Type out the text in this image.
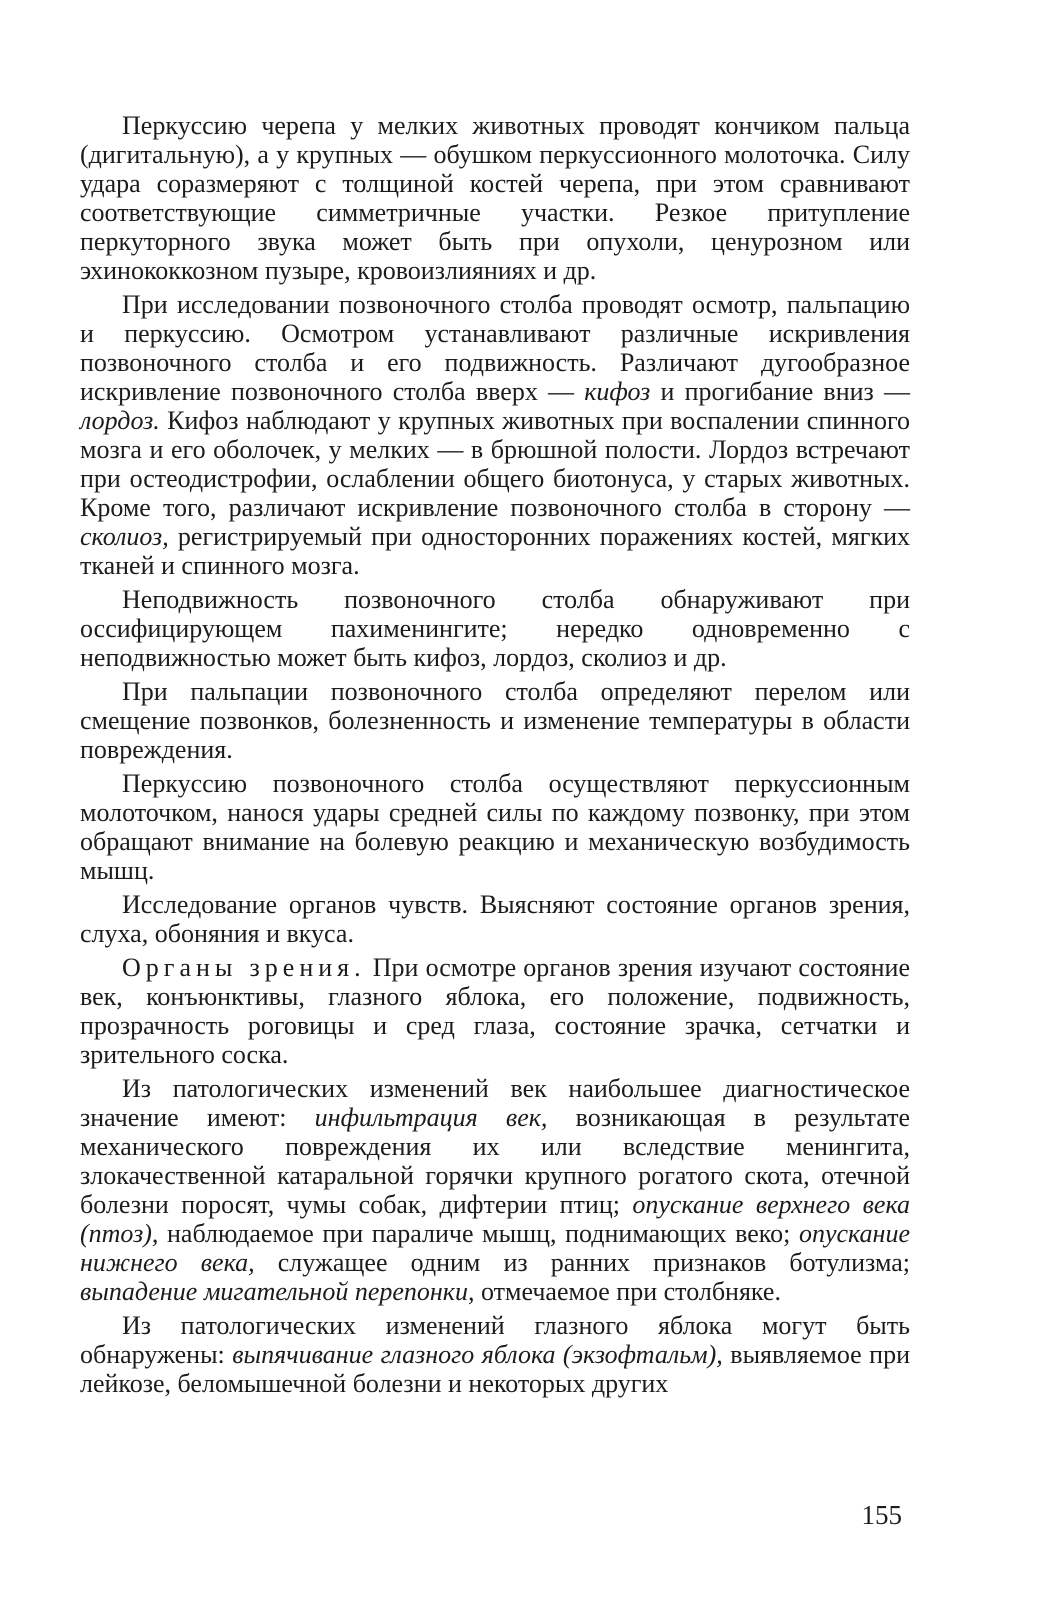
Перкуссию черепа у мелких животных проводят кончиком пальца (дигитальную), а у крупных — обушком перкуссионного молоточка. Силу удара соразмеряют с толщиной костей черепа, при этом сравнивают соответствующие симметричные участки. Резкое притупление перкуторного звука может быть при опухоли, ценурозном или эхинококкозном пузыре, кровоизлияниях и др.

При исследовании позвоночного столба проводят осмотр, пальпацию и перкуссию. Осмотром устанавливают различные искривления позвоночного столба и его подвижность. Различают дугообразное искривление позвоночного столба вверх — кифоз и прогибание вниз — лордоз. Кифоз наблюдают у крупных животных при воспалении спинного мозга и его оболочек, у мелких — в брюшной полости. Лордоз встречают при остеодистрофии, ослаблении общего биотонуса, у старых животных. Кроме того, различают искривление позвоночного столба в сторону — сколиоз, регистрируемый при односторонних поражениях костей, мягких тканей и спинного мозга.

Неподвижность позвоночного столба обнаруживают при оссифицирующем пахименингите; нередко одновременно с неподвижностью может быть кифоз, лордоз, сколиоз и др.

При пальпации позвоночного столба определяют перелом или смещение позвонков, болезненность и изменение температуры в области повреждения.

Перкуссию позвоночного столба осуществляют перкуссионным молоточком, нанося удары средней силы по каждому позвонку, при этом обращают внимание на болевую реакцию и механическую возбудимость мышц.

Исследование органов чувств. Выясняют состояние органов зрения, слуха, обоняния и вкуса.

Органы зрения. При осмотре органов зрения изучают состояние век, конъюнктивы, глазного яблока, его положение, подвижность, прозрачность роговицы и сред глаза, состояние зрачка, сетчатки и зрительного соска.

Из патологических изменений век наибольшее диагностическое значение имеют: инфильтрация век, возникающая в результате механического повреждения их или вследствие менингита, злокачественной катаральной горячки крупного рогатого скота, отечной болезни поросят, чумы собак, дифтерии птиц; опускание верхнего века (птоз), наблюдаемое при параличе мышц, поднимающих веко; опускание нижнего века, служащее одним из ранних признаков ботулизма; выпадение мигательной перепонки, отмечаемое при столбняке.

Из патологических изменений глазного яблока могут быть обнаружены: выпячивание глазного яблока (экзофтальм), выявляемое при лейкозе, беломышечной болезни и некоторых других

155
